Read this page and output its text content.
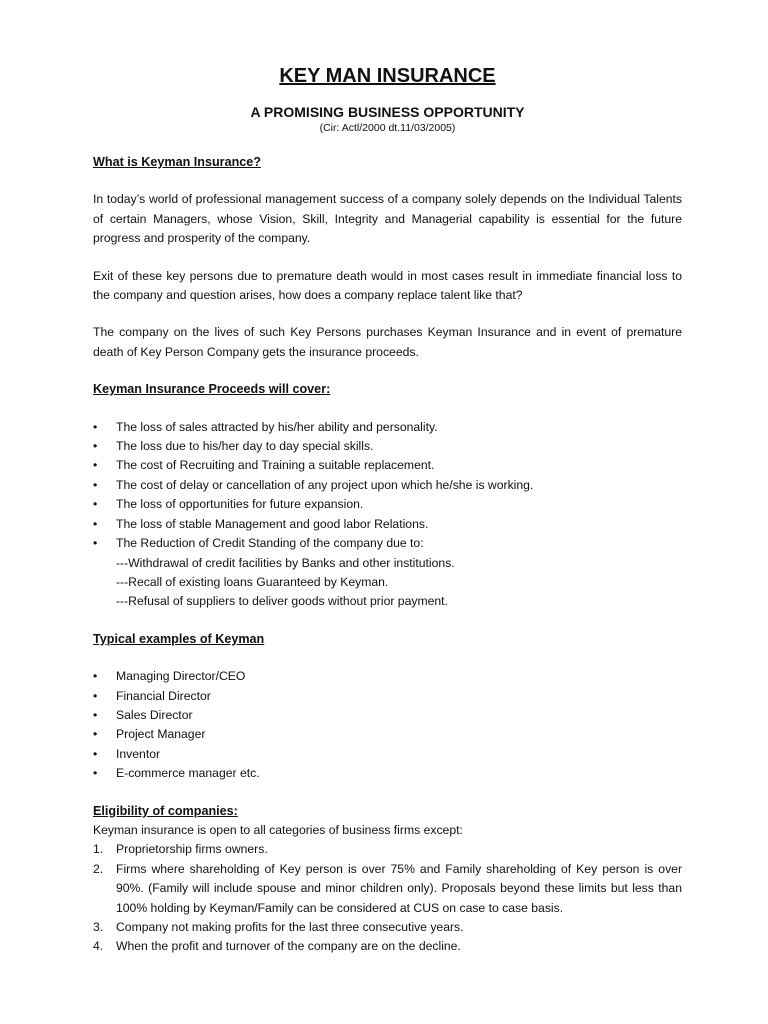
KEY MAN INSURANCE
A PROMISING BUSINESS OPPORTUNITY
(Cir: Actl/2000 dt.11/03/2005)
What is Keyman Insurance?

In today’s world of professional management success of a company solely depends on the Individual Talents of certain Managers, whose Vision, Skill, Integrity and Managerial capability is essential for the future progress and prosperity of the company.

Exit of these key persons due to premature death would in most cases result in immediate financial loss to the company and question arises, how does a company replace talent like that?

The company on the lives of such Key Persons purchases Keyman Insurance and in event of premature death of Key Person Company gets the insurance proceeds.

Keyman Insurance Proceeds will cover:
• The loss of sales attracted by his/her ability and personality.
• The loss due to his/her day to day special skills.
• The cost of Recruiting and Training a suitable replacement.
• The cost of delay or cancellation of any project upon which he/she is working.
• The loss of opportunities for future expansion.
• The loss of stable Management and good labor Relations.
• The Reduction of Credit Standing of the company due to:
---Withdrawal of credit facilities by Banks and other institutions.
---Recall of existing loans Guaranteed by Keyman.
---Refusal of suppliers to deliver goods without prior payment.
Typical examples of Keyman
• Managing Director/CEO
• Financial Director
• Sales Director
• Project Manager
• Inventor
• E-commerce manager etc.
Eligibility of companies:
Keyman insurance is open to all categories of business firms except:
1. Proprietorship firms owners.
2. Firms where shareholding of Key person is over 75% and Family shareholding of Key person is over 90%. (Family will include spouse and minor children only). Proposals beyond these limits but less than 100% holding by Keyman/Family can be considered at CUS on case to case basis.
3. Company not making profits for the last three consecutive years.
4. When the profit and turnover of the company are on the decline.
